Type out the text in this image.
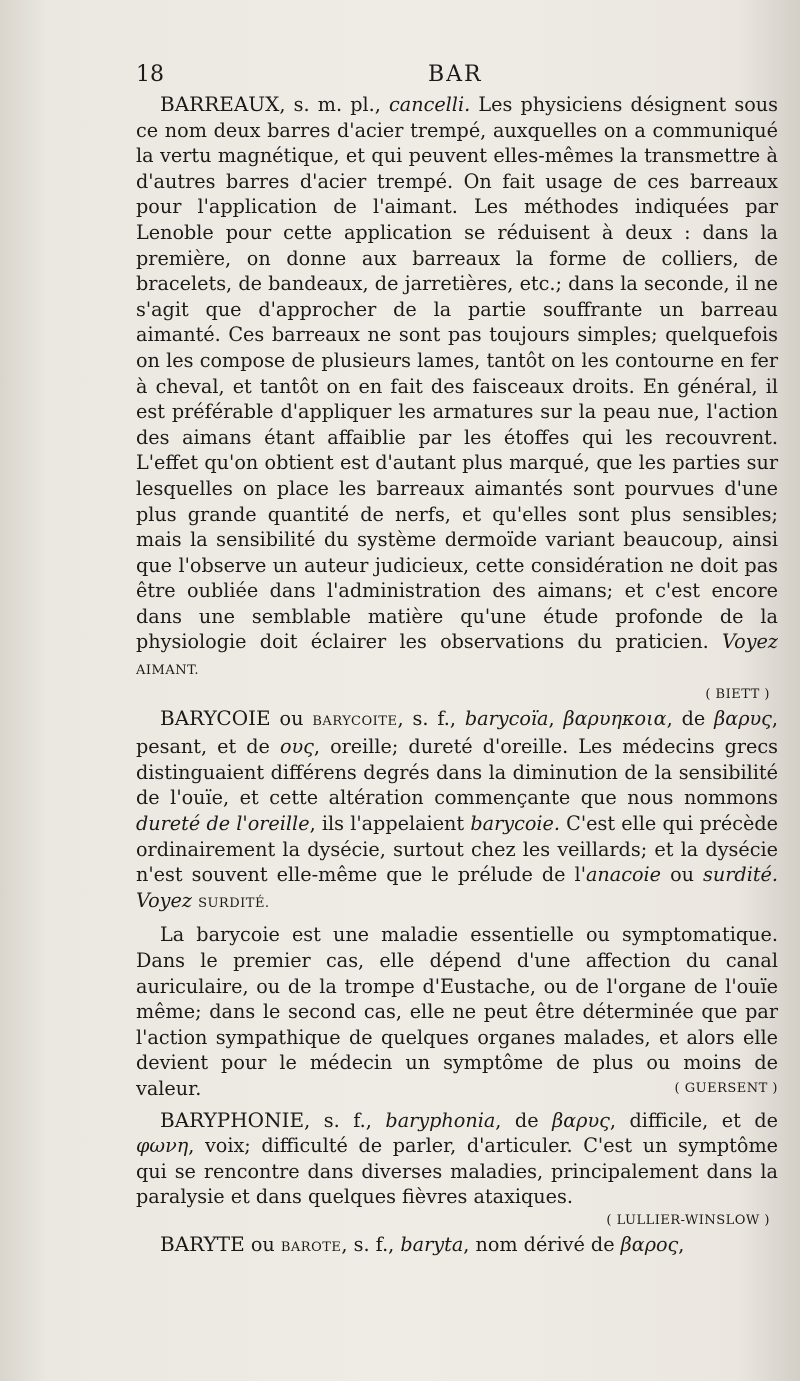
18	BAR

BARREAUX, s. m. pl., cancelli. Les physiciens désignent sous ce nom deux barres d'acier trempé, auxquelles on a communiqué la vertu magnétique, et qui peuvent elles-mêmes la transmettre à d'autres barres d'acier trempé. On fait usage de ces barreaux pour l'application de l'aimant. Les méthodes indiquées par Lenoble pour cette application se réduisent à deux : dans la première, on donne aux barreaux la forme de colliers, de bracelets, de bandeaux, de jarretières, etc.; dans la seconde, il ne s'agit que d'approcher de la partie souffrante un barreau aimanté. Ces barreaux ne sont pas toujours simples; quelquefois on les compose de plusieurs lames, tantôt on les contourne en fer à cheval, et tantôt on en fait des faisceaux droits. En général, il est préférable d'appliquer les armatures sur la peau nue, l'action des aimans étant affaiblie par les étoffes qui les recouvrent. L'effet qu'on obtient est d'autant plus marqué, que les parties sur lesquelles on place les barreaux aimantés sont pourvues d'une plus grande quantité de nerfs, et qu'elles sont plus sensibles; mais la sensibilité du système dermoïde variant beaucoup, ainsi que l'observe un auteur judicieux, cette considération ne doit pas être oubliée dans l'administration des aimans; et c'est encore dans une semblable matière qu'une étude profonde de la physiologie doit éclairer les observations du praticien. Voyez AIMANT.

( BIETT )

BARYCOIE ou BARYCOITE, s. f., barycoïa, βαρυηκοια, de βαρυς, pesant, et de ους, oreille; dureté d'oreille. Les médecins grecs distinguaient différens degrés dans la diminution de la sensibilité de l'ouïe, et cette altération commençante que nous nommons dureté de l'oreille, ils l'appelaient barycoie. C'est elle qui précède ordinairement la dysécie, surtout chez les veillards; et la dysécie n'est souvent elle-même que le prélude de l'anacoie ou surdité. Voyez SURDITÉ.

La barycoie est une maladie essentielle ou symptomatique. Dans le premier cas, elle dépend d'une affection du canal auriculaire, ou de la trompe d'Eustache, ou de l'organe de l'ouïe même; dans le second cas, elle ne peut être déterminée que par l'action sympathique de quelques organes malades, et alors elle devient pour le médecin un symptôme de plus ou moins de valeur.	( GUERSENT )

BARYPHONIE, s. f., baryphonia, de βαρυς, difficile, et de φωνη, voix; difficulté de parler, d'articuler. C'est un symptôme qui se rencontre dans diverses maladies, principalement dans la paralysie et dans quelques fièvres ataxiques.

( LULLIER-WINSLOW )

BARYTE ou BAROTE, s. f., baryta, nom dérivé de βαρος,
